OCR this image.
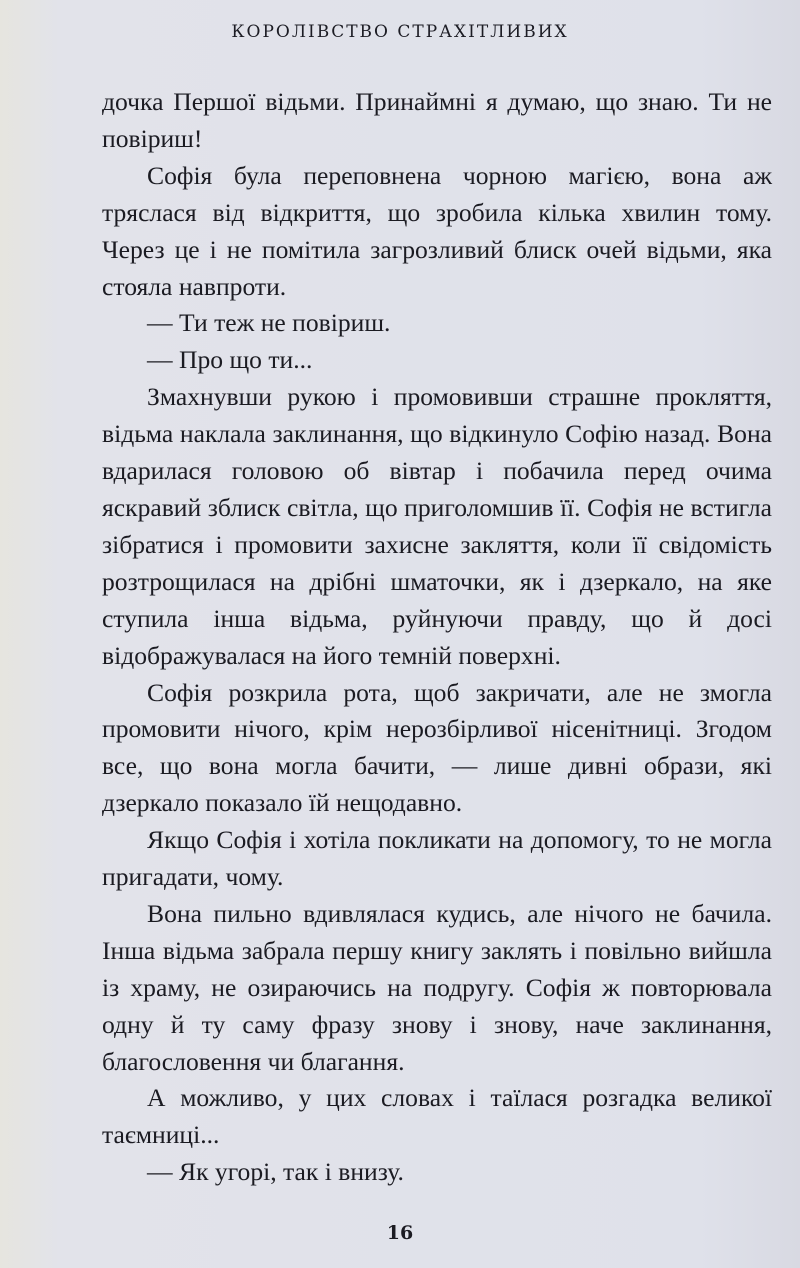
КОРОЛІВСТВО СТРАХІТЛИВИХ

дочка Першої відьми. Принаймні я думаю, що знаю. Ти не повіриш!

Софія була переповнена чорною магією, вона аж тряслася від відкриття, що зробила кілька хвилин тому. Через це і не помітила загрозливий блиск очей відьми, яка стояла навпроти.

— Ти теж не повіриш.

— Про що ти...

Змахнувши рукою і промовивши страшне прокляття, відьма наклала заклинання, що відкинуло Софію назад. Вона вдарилася головою об вівтар і побачила перед очима яскравий зблиск світла, що приголомшив її. Софія не встигла зібратися і промовити захисне закляття, коли її свідомість розтрощилася на дрібні шматочки, як і дзеркало, на яке ступила інша відьма, руйнуючи правду, що й досі відображувалася на його темній поверхні.

Софія розкрила рота, щоб закричати, але не змогла промовити нічого, крім нерозбірливої нісенітниці. Згодом все, що вона могла бачити, — лише дивні образи, які дзеркало показало їй нещодавно.

Якщо Софія і хотіла покликати на допомогу, то не могла пригадати, чому.

Вона пильно вдивлялася кудись, але нічого не бачила. Інша відьма забрала першу книгу заклять і повільно вийшла із храму, не озираючись на подругу. Софія ж повторювала одну й ту саму фразу знову і знову, наче заклинання, благословення чи благання.

А можливо, у цих словах і таїлася розгадка великої таємниці...

— Як угорі, так і внизу.

16
